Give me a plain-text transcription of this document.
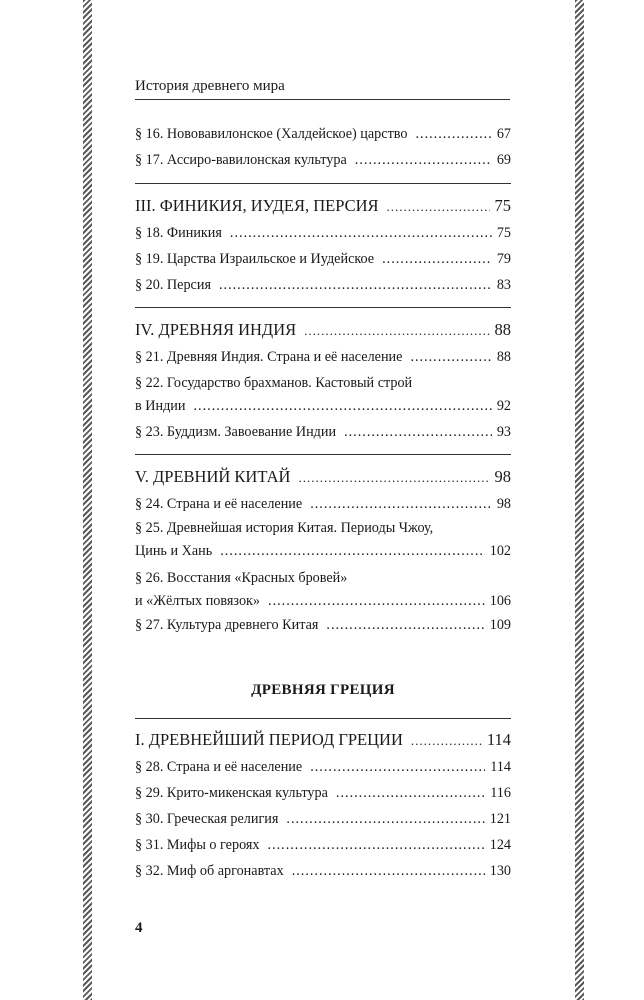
История древнего мира
§ 16. Нововавилонское (Халдейское) царство .....	67
§ 17. Ассиро-вавилонская культура .....	69
III. ФИНИКИЯ, ИУДЕЯ, ПЕРСИЯ .....	75
§ 18. Финикия .....	75
§ 19. Царства Израильское и Иудейское .....	79
§ 20. Персия .....	83
IV. ДРЕВНЯЯ ИНДИЯ .....	88
§ 21. Древняя Индия. Страна и её население .....	88
§ 22. Государство брахманов. Кастовый строй
в Индии .....	92
§ 23. Буддизм. Завоевание Индии .....	93
V. ДРЕВНИЙ КИТАЙ .....	98
§ 24. Страна и её население .....	98
§ 25. Древнейшая история Китая. Периоды Чжоу,
Цинь и Хань .....	102
§ 26. Восстания «Красных бровей»
и «Жёлтых повязок» .....	106
§ 27. Культура древнего Китая .....	109
ДРЕВНЯЯ ГРЕЦИЯ
I. ДРЕВНЕЙШИЙ ПЕРИОД ГРЕЦИИ .....	114
§ 28. Страна и её население .....	114
§ 29. Крито-микенская культура .....	116
§ 30. Греческая религия .....	121
§ 31. Мифы о героях .....	124
§ 32. Миф об аргонавтах .....	130
4
